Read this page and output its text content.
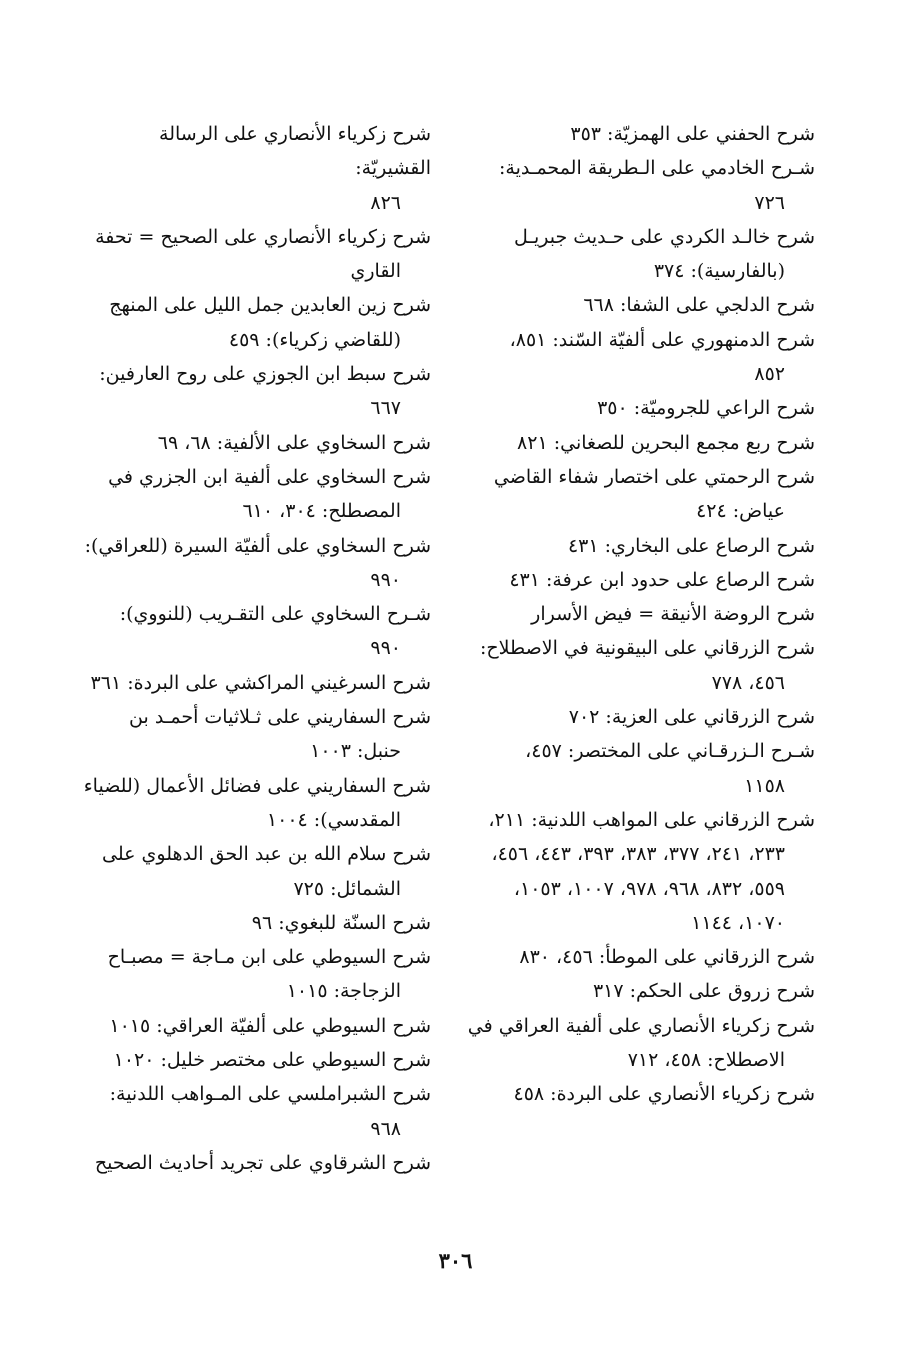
شرح الحفني على الهمزيّة: ٣٥٣

شـرح الخادمي على الـطريقة المحمـدية:
٧٢٦

شرح خالـد الكردي على حـديث جبريـل
(بالفارسية): ٣٧٤

شرح الدلجي على الشفا: ٦٦٨

شرح الدمنهوري على ألفيّة السّند: ٨٥١،
٨٥٢

شرح الراعي للجروميّة: ٣٥٠

شرح ربع مجمع البحرين للصغاني: ٨٢١

شرح الرحمتي على اختصار شفاء القاضي
عياض: ٤٢٤

شرح الرصاع على البخاري: ٤٣١

شرح الرصاع على حدود ابن عرفة: ٤٣١

شرح الروضة الأنيقة = فيض الأسرار

شرح الزرقاني على البيقونية في الاصطلاح:
٤٥٦، ٧٧٨

شرح الزرقاني على العزية: ٧٠٢

شـرح الـزرقـاني على المختصر: ٤٥٧،
١١٥٨

شرح الزرقاني على المواهب اللدنية: ٢١١،
٢٣٣، ٢٤١، ٣٧٧، ٣٨٣، ٣٩٣، ٤٤٣، ٤٥٦، ٥٥٩، ٨٣٢، ٩٦٨، ٩٧٨، ١٠٠٧، ١٠٥٣، ١٠٧٠، ١١٤٤

شرح الزرقاني على الموطأ: ٤٥٦، ٨٣٠

شرح زروق على الحكم: ٣١٧

شرح زكرياء الأنصاري على ألفية العراقي في
الاصطلاح: ٤٥٨، ٧١٢

شرح زكرياء الأنصاري على البردة: ٤٥٨

شرح زكرياء الأنصاري على الرسالة القشيريّة:
٨٢٦

شرح زكرياء الأنصاري على الصحيح = تحفة
القاري

شرح زين العابدين جمل الليل على المنهج
(للقاضي زكرياء): ٤٥٩

شرح سبط ابن الجوزي على روح العارفين:
٦٦٧

شرح السخاوي على الألفية: ٦٨، ٦٩

شرح السخاوي على ألفية ابن الجزري في
المصطلح: ٣٠٤، ٦١٠

شرح السخاوي على ألفيّة السيرة (للعراقي):
٩٩٠

شـرح السخاوي على التقـريب (للنووي):
٩٩٠

شرح السرغيني المراكشي على البردة: ٣٦١

شرح السفاريني على ثـلاثيات أحمـد بن
حنبل: ١٠٠٣

شرح السفاريني على فضائل الأعمال (للضياء
المقدسي): ١٠٠٤

شرح سلام الله بن عبد الحق الدهلوي على
الشمائل: ٧٢٥

شرح السنّة للبغوي: ٩٦

شرح السيوطي على ابن مـاجة = مصبـاح
الزجاجة: ١٠١٥

شرح السيوطي على ألفيّة العراقي: ١٠١٥

شرح السيوطي على مختصر خليل: ١٠٢٠

شرح الشبراملسي على المـواهب اللدنية:
٩٦٨

شرح الشرقاوي على تجريد أحاديث الصحيح

٣٠٦
